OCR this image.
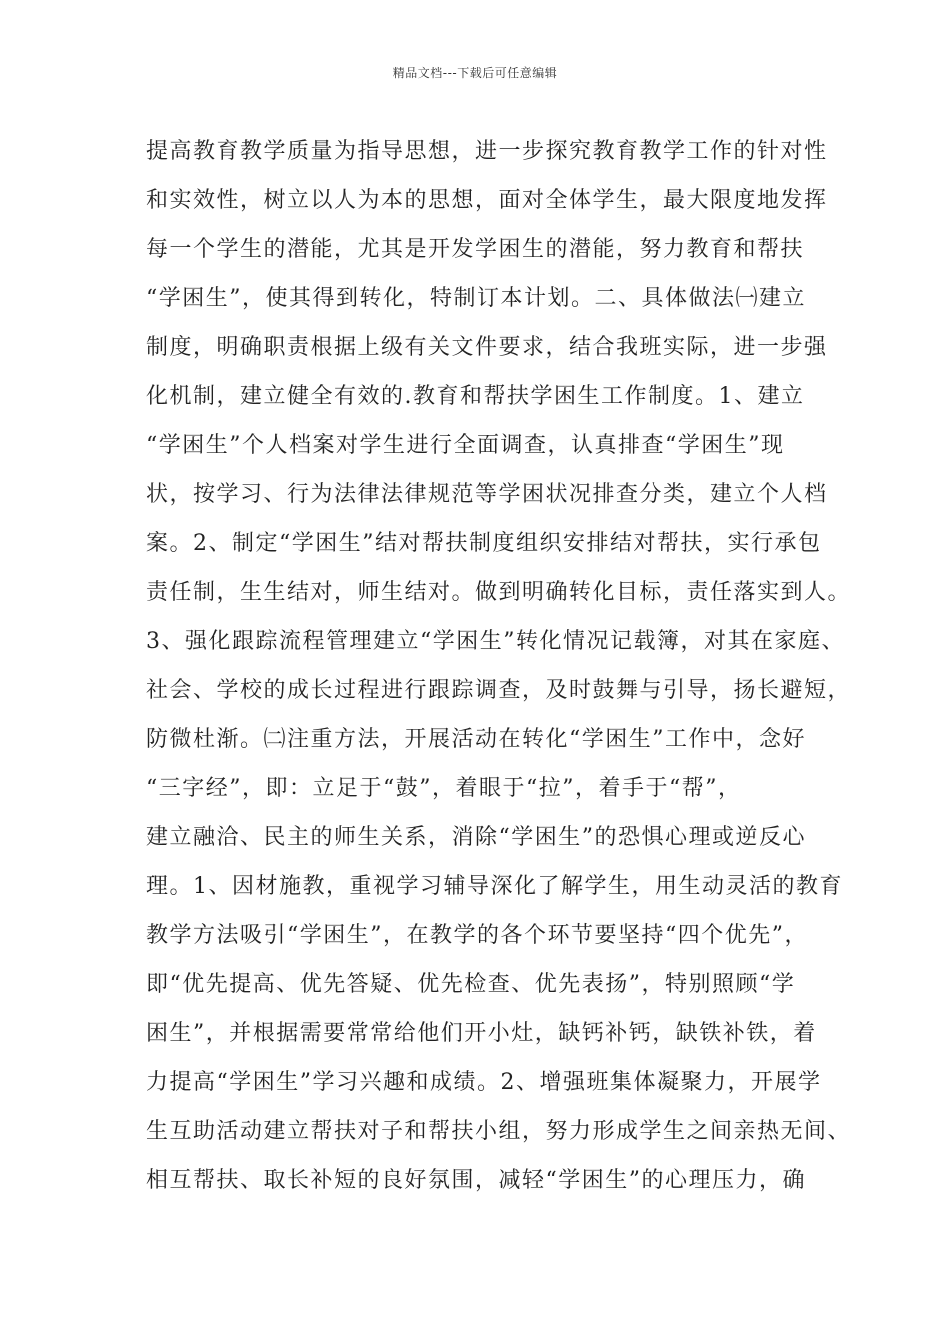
精品文档---下载后可任意编辑
提高教育教学质量为指导思想，进一步探究教育教学工作的针对性
和实效性，树立以人为本的思想，面对全体学生，最大限度地发挥
每一个学生的潜能，尤其是开发学困生的潜能，努力教育和帮扶
“学困生”，使其得到转化，特制订本计划。二、具体做法㈠建立
制度，明确职责根据上级有关文件要求，结合我班实际，进一步强
化机制，建立健全有效的.教育和帮扶学困生工作制度。1、建立
“学困生”个人档案对学生进行全面调查，认真排查“学困生”现
状，按学习、行为法律法律规范等学困状况排查分类，建立个人档
案。2、制定“学困生”结对帮扶制度组织安排结对帮扶，实行承包
责任制，生生结对，师生结对。做到明确转化目标，责任落实到人。
3、强化跟踪流程管理建立“学困生”转化情况记载簿，对其在家庭、
社会、学校的成长过程进行跟踪调查，及时鼓舞与引导，扬长避短，
防微杜渐。㈡注重方法，开展活动在转化“学困生”工作中，念好
“三字经”，即：立足于“鼓”，着眼于“拉”，着手于“帮”，
建立融洽、民主的师生关系，消除“学困生”的恐惧心理或逆反心
理。1、因材施教，重视学习辅导深化了解学生，用生动灵活的教育
教学方法吸引“学困生”，在教学的各个环节要坚持“四个优先”，
即“优先提高、优先答疑、优先检查、优先表扬”，特别照顾“学
困生”，并根据需要常常给他们开小灶，缺钙补钙，缺铁补铁，着
力提高“学困生”学习兴趣和成绩。2、增强班集体凝聚力，开展学
生互助活动建立帮扶对子和帮扶小组，努力形成学生之间亲热无间、
相互帮扶、取长补短的良好氛围，减轻“学困生”的心理压力，确
